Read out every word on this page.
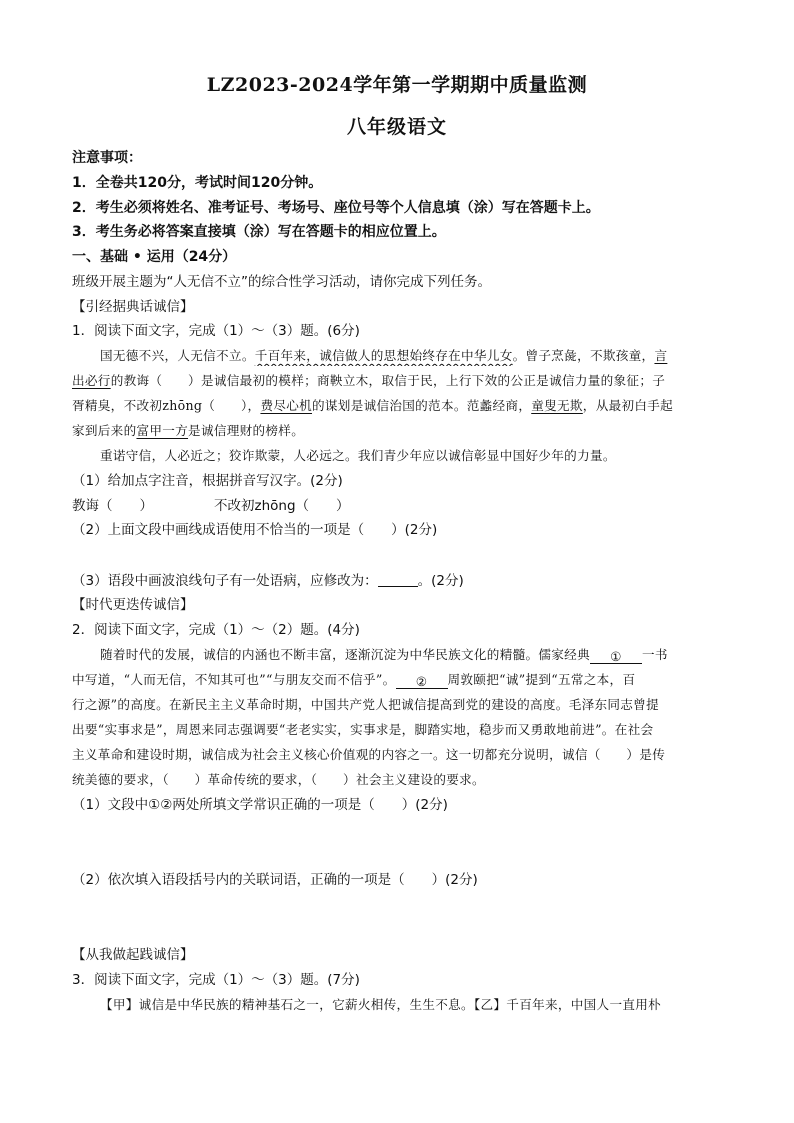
LZ2023-2024学年第一学期期中质量监测
八年级语文
注意事项：
1．全卷共120分，考试时间120分钟。
2．考生必须将姓名、准考证号、考场号、座位号等个人信息填（涂）写在答题卡上。
3．考生务必将答案直接填（涂）写在答题卡的相应位置上。
一、基础 • 运用（24分）
班级开展主题为“人无信不立”的综合性学习活动，请你完成下列任务。
【引经据典话诚信】
1．阅读下面文字，完成（1）～（3）题。(6分)
国无德不兴，人无信不立。千百年来，诚信做人的思想始终存在中华儿女。曾子烹彘，不欺孩童，言
出必行的教诲（　　）是诚信最初的模样；商鞅立木，取信于民，上行下效的公正是诚信力量的象征；子
胥精臭，不改初zhōng（　　），费尽心机的谋划是诚信治国的范本。范蠡经商，童叟无欺，从最初白手起
家到后来的富甲一方是诚信理财的榜样。
重诺守信，人必近之；狡诈欺蒙，人必远之。我们青少年应以诚信彰显中国好少年的力量。
（1）给加点字注音，根据拼音写汉字。(2分)
教诲（　　）	不改初zhōng（　　）
（2）上面文段中画线成语使用不恰当的一项是（　　）(2分)
（3）语段中画波浪线句子有一处语病，应修改为：	。(2分)
【时代更迭传诚信】
2．阅读下面文字，完成（1）～（2）题。(4分)
随着时代的发展，诚信的内涵也不断丰富，逐渐沉淀为中华民族文化的精髓。儒家经典 ① 一书
中写道，“人而无信，不知其可也”“与朋友交而不信乎”。 ② 周敦颐把“诚”提到“五常之本，百
行之源”的高度。在新民主主义革命时期，中国共产党人把诚信提高到党的建设的高度。毛泽东同志曾提
出要“实事求是”，周恩来同志强调要“老老实实，实事求是，脚踏实地，稳步而又勇敢地前进”。在社会
主义革命和建设时期，诚信成为社会主义核心价值观的内容之一。这一切都充分说明，诚信（　　）是传
统美德的要求，（　　）革命传统的要求，（　　）社会主义建设的要求。
（1）文段中①②两处所填文学常识正确的一项是（　　）(2分)
（2）依次填入语段括号内的关联词语，正确的一项是（　　）(2分)
【从我做起践诚信】
3．阅读下面文字，完成（1）～（3）题。(7分)
【甲】诚信是中华民族的精神基石之一，它薪火相传，生生不息。【乙】千百年来，中国人一直用朴
